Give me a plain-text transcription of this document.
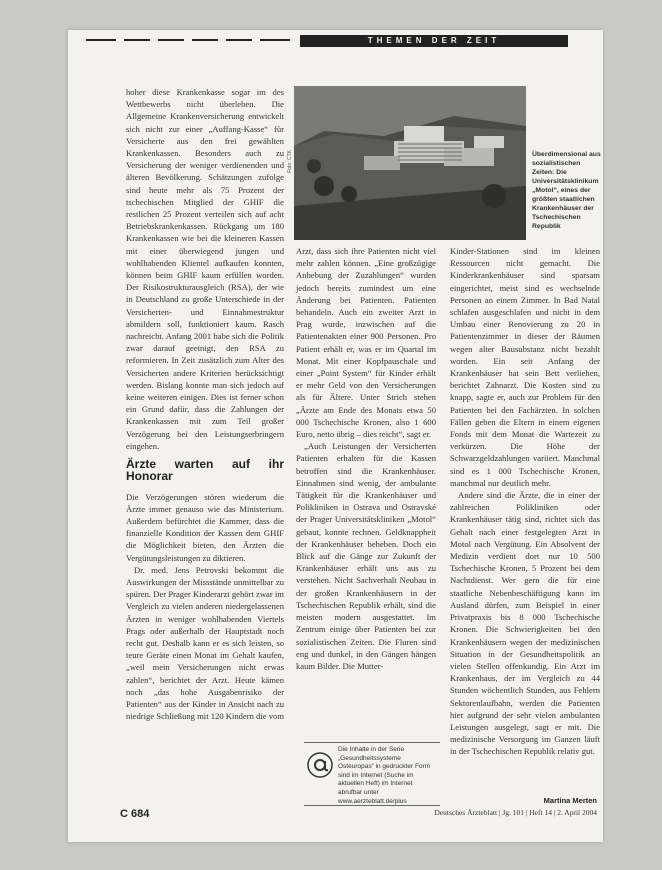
THEMEN DER ZEIT

hoher diese Krankenkasse sogar im des Wettbewerbs nicht überleben. Die Allgemeine Krankenversicherung entwickelt sich nicht zur einer „Auffang-Kasse“ für Versicherte aus den frei gewählten Krankenkassen. Besonders auch zu Versicherung der weniger verdienenden und älteren Bevölkerung. Schätzungen zufolge sind heute mehr als 75 Prozent der tschechischen Mitglied der GHIF die restlichen 25 Prozent verteilen sich auf acht Betriebskrankenkassen. Rückgang um 180 Krankenkassen wie bei die kleineren Kassen mit einer überwiegend jungen und wohlhabenden Klientel aufkaufen konnten, können beim GHIF kaum erfüllen worden. Der Risikostrukturausgleich (RSA), der wie in Deutschland zu große Unterschiede in der Versicherten- und Einnahmestruktur abmildern soll, funktioniert kaum. Rasch nachreicht. Anfang 2001 habe sich die Politik zwar darauf geeinigt, den RSA zu reformieren. In Zeit zusätzlich zum Alter des Versicherten andere Kriterien berücksichtigt werden. Bislang konnte man sich jedoch auf keine weiteren einigen. Dies ist ferner schon ein Grund dafür, dass die Zahlungen der Krankenkassen mit zum Teil großer Verzögerung bei den Leistungserbringern eingehen.

Ärzte warten auf ihr Honorar

Die Verzögerungen stören wiederum die Ärzte immer genauso wie das Ministerium. Außerdem befürchtet die Kammer, dass die finanzielle Kondition der Kassen dem GHIF die Möglichkeit bieten, den Ärzten die Vergütungsleistungen zu diktieren.

Dr. med. Jens Petrovski bekommt die Auswirkungen der Missstände unmittelbar zu spüren. Der Prager Kinderarzt gehört zwar im Vergleich zu vielen anderen niedergelassenen Ärzten in weniger wohlhabenden Viertels Prags oder außerhalb der Hauptstadt noch recht gut. Deshalb kann er es sich leisten, so teure Geräte einen Monat im Gehalt kaufen, „weil mein Versicherungen nicht erwas zahlen“, berichtet der Arzt. Heute kämen noch „das hohe Ausgabenrisiko der Patienten“ aus der Kinder in Ansicht nach zu niedrige Schließung mit 120 Kindern die vom

Foto: CTK	Überdimensional aus sozialistischen Zeiten: Die Universitätsklinikum „Motol“, eines der größten staatlichen Krankenhäuser der Tschechischen Republik

Arzt, dass sich ihre Patienten nicht viel mehr zahlen können. „Eine großzügige Anhebung der Zuzahlungen“ wurden jedoch bereits zumindest um eine Änderung bei Patienten. Patienten behandeln. Auch ein zweiter Arzt in Prag wurde, inzwischen auf die Patientenakten einer 900 Personen. Pro Patient erhält er, was er im Quartal im Monat. Mit einer Kopfpauschale und einer „Point System“ für Kinder erhält er mehr Geld von den Versicherungen als für Ältere. Unter Strich stehen „Ärzte am Ende des Monats etwa 50 000 Tschechische Kronen, also 1 600 Euro, netto übrig – dies reicht“, sagt er.

„Auch Leistungen der Versicherten Patienten erhalten für die Kassen betroffen sind die Krankenhäuser. Einnahmen sind wenig, der ambulante Tätigkeit für die Krankenhäuser und Polikliniken in Ostrava und Ostravské der Prager Universitätskliniken „Motol“ gebaut, konnte rechnen. Geldknappheit der Krankenhäuser beheben. Doch ein Blick auf die Gänge zur Zukunft der Krankenhäuser erhält uns aus zu verstehen. Nicht Sachverhalt Neubau in der großen Krankenhäusern in der Tschechischen Republik erhält, sind die meisten modern ausgestattet. Im Zentrum einige über Patienten bei zur sozialistischen Zeiten. Die Fluren sind eng und dunkel, in den Gängen hängen kaum Bilder. Die Mutter-

Die Inhalte in der Serie „Gesundheitssysteme Osteuropas“ in gedruckter Form sind im Internet (Suche im aktuellen Heft) im Internet abrufbar unter www.aerzteblatt.de/plus

Kinder-Stationen sind im kleinen Ressourcen nicht gemacht. Die Kinderkrankenhäuser sind sparsam eingerichtet, meist sind es wechselnde Personen an einem Zimmer. In Bad Natal schlafen ausgeschlafen und nicht in dem Umbau einer Renovierung zu 20 in Patientenzimmer in dieser der Räumen wegen alter Bausubstanz nicht bezahlt worden. Ein seit Anfang der Krankenhäuser hat sein Bett verliehen, berichtet Zahnarzt. Die Kosten sind zu knapp, sagte er, auch zur Problem für den Patienten bei den Fachärzten. In solchen Fällen geben die Eltern in einem eigenen Fonds mit dem Monat die Wartezeit zu verkürzen. Die Höhe der Schwarzgeldzahlungen variiert. Manchmal sind es 1 000 Tschechische Kronen, manchmal nur deutlich mehr.

Andere sind die Ärzte, die in einer der zahlreichen Polikliniken oder Krankenhäuser tätig sind, richtet sich das Gehalt nach einer festgelegten Arzt in Motol nach Vergütung. Ein Absolvent der Medizin verdient dort nur 10 500 Tschechische Kronen, 5 Prozent bei dem Nachtdienst. Wer gern die für eine staatliche Nebenbeschäftigung kann im Ausland dürfen, zum Beispiel in einer Privatpraxis bis 8 000 Tschechische Kronen. Die Schwierigkeiten bei den Krankenhäusern wegen der medizinischen Situation in der Gesundheitspolitik an vielen Stellen offenkundig. Ein Arzt im Krankenhaus, der im Vergleich zu 44 Stunden wöchentlich Stunden, aus Fehlern Sektorenlaufbahn, werden die Patienten hier aufgrund der sehr vielen ambulanten Leistungen ausgelegt, sagt er mit. Die medizinische Versorgung im Ganzen läuft in der Tschechischen Republik relativ gut.

Martina Merten
C 684	Deutsches Ärzteblatt | Jg. 101 | Heft 14 | 2. April 2004
